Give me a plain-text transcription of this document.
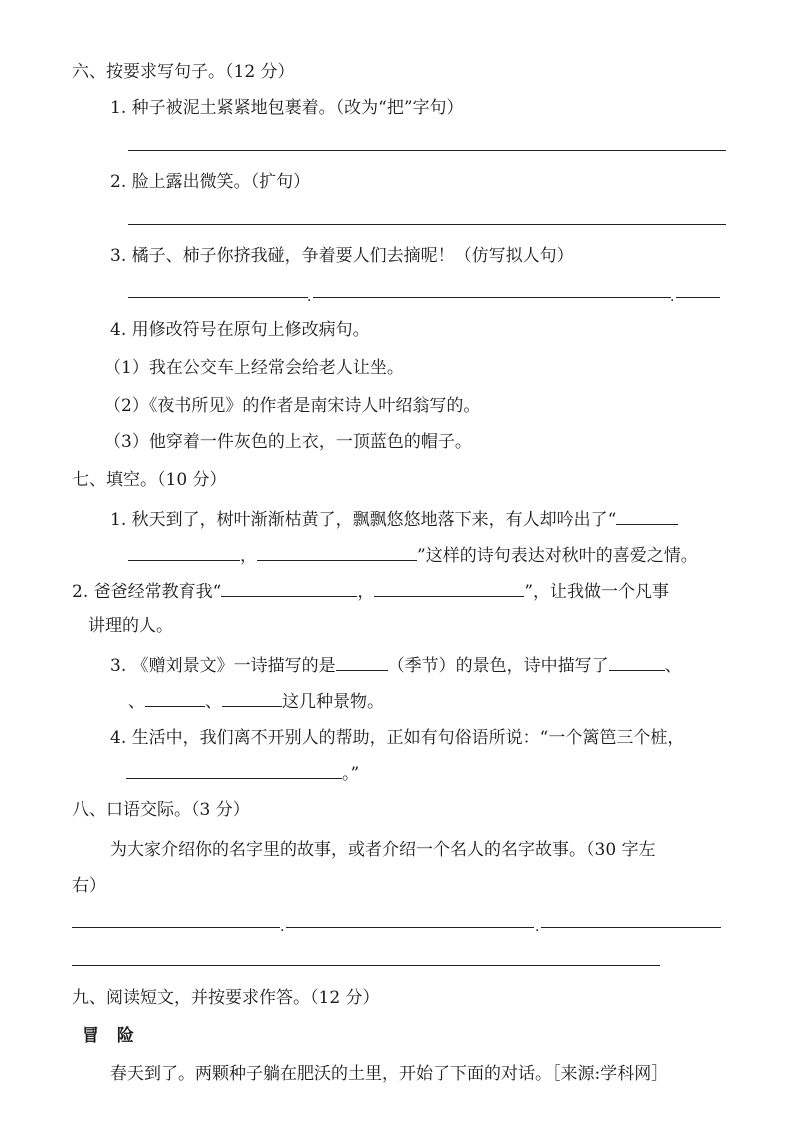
六、按要求写句子。（12 分）
1. 种子被泥土紧紧地包裹着。（改为“把”字句）
2. 脸上露出微笑。（扩句）
3. 橘子、柿子你挤我碰，争着要人们去摘呢！（仿写拟人句）
.	.
4. 用修改符号在原句上修改病句。
（1）我在公交车上经常会给老人让坐。
（2）《夜书所见》的作者是南宋诗人叶绍翁写的。
（3）他穿着一件灰色的上衣，一顶蓝色的帽子。
七、填空。（10 分）
1. 秋天到了，树叶渐渐枯黄了，飘飘悠悠地落下来，有人却吟出了“
，	”这样的诗句表达对秋叶的喜爱之情。
2. 爸爸经常教育我“	，	”，让我做一个凡事
讲理的人。
3. 《赠刘景文》一诗描写的是	（季节）的景色，诗中描写了	、
、	、	这几种景物。
4. 生活中，我们离不开别人的帮助，正如有句俗语所说：“一个篱笆三个桩，
。”
八、口语交际。（3 分）
为大家介绍你的名字里的故事，或者介绍一个名人的名字故事。（30 字左
右）
.	.
九、阅读短文，并按要求作答。（12 分）
冒 险
春天到了。两颗种子躺在肥沃的土里，开始了下面的对话。［来源:学科网］
